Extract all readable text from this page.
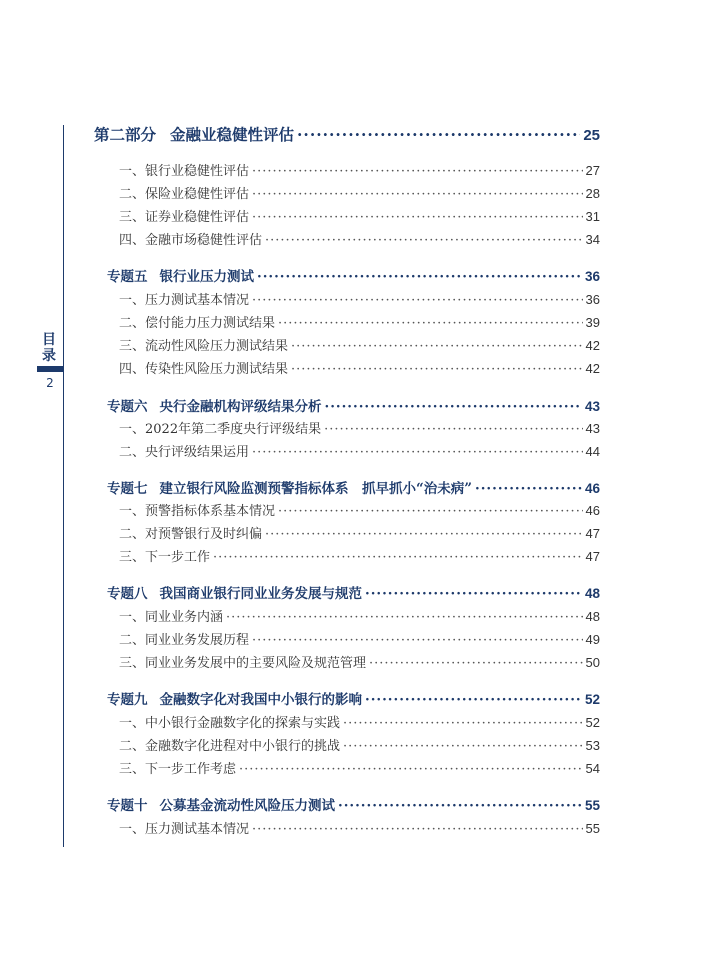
目录
2
第二部分 金融业稳健性评估 ·····	25
一、银行业稳健性评估 ·····	27
二、保险业稳健性评估 ·····	28
三、证券业稳健性评估 ·····	31
四、金融市场稳健性评估 ·····	34
专题五 银行业压力测试 ·····	36
一、压力测试基本情况 ·····	36
二、偿付能力压力测试结果 ·····	39
三、流动性风险压力测试结果 ·····	42
四、传染性风险压力测试结果 ·····	42
专题六 央行金融机构评级结果分析 ·····	43
一、2022年第二季度央行评级结果 ·····	43
二、央行评级结果运用 ·····	44
专题七 建立银行风险监测预警指标体系　抓早抓小“治未病” ·····	46
一、预警指标体系基本情况 ·····	46
二、对预警银行及时纠偏 ·····	47
三、下一步工作 ·····	47
专题八 我国商业银行同业业务发展与规范 ·····	48
一、同业业务内涵 ·····	48
二、同业业务发展历程 ·····	49
三、同业业务发展中的主要风险及规范管理 ·····	50
专题九 金融数字化对我国中小银行的影响 ·····	52
一、中小银行金融数字化的探索与实践 ·····	52
二、金融数字化进程对中小银行的挑战 ·····	53
三、下一步工作考虑 ·····	54
专题十 公募基金流动性风险压力测试 ·····	55
一、压力测试基本情况 ·····	55
